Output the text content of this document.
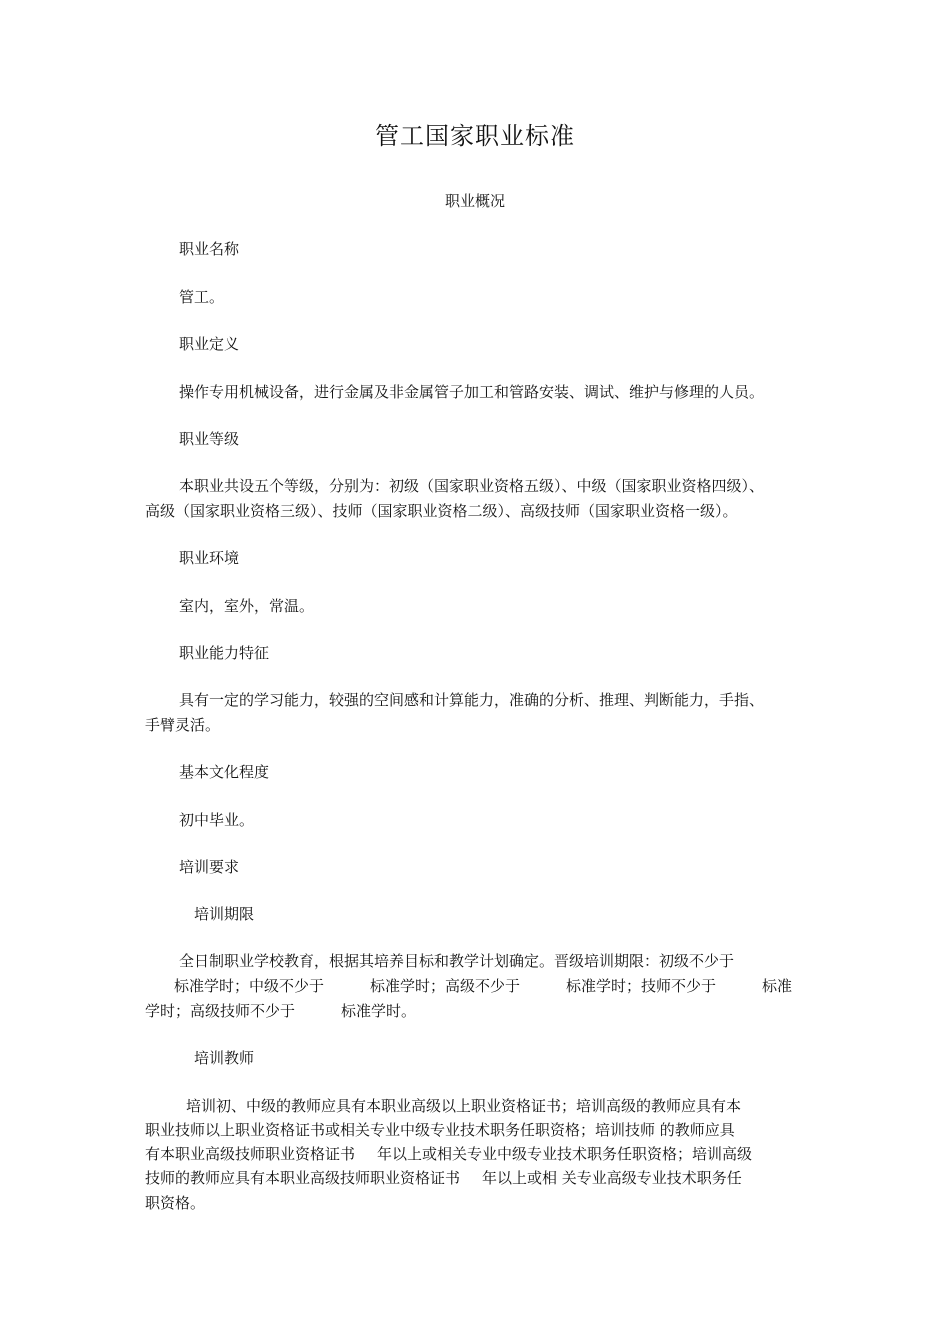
管工国家职业标准
职业概况
职业名称
管工。
职业定义
操作专用机械设备，进行金属及非金属管子加工和管路安装、调试、维护与修理的人员。
职业等级
本职业共设五个等级，分别为：初级（国家职业资格五级）、中级（国家职业资格四级）、
高级（国家职业资格三级）、技师（国家职业资格二级）、高级技师（国家职业资格一级）。
职业环境
室内，室外，常温。
职业能力特征
具有一定的学习能力，较强的空间感和计算能力，准确的分析、推理、判断能力，手指、
手臂灵活。
基本文化程度
初中毕业。
培训要求
培训期限
全日制职业学校教育，根据其培养目标和教学计划确定。晋级培训期限：初级不少于
标准学时；中级不少于	标准学时；高级不少于	标准学时；技师不少于	标准
学时；高级技师不少于	标准学时。
培训教师
培训初、中级的教师应具有本职业高级以上职业资格证书；培训高级的教师应具有本
职业技师以上职业资格证书或相关专业中级专业技术职务任职资格；培训技师 的教师应具
有本职业高级技师职业资格证书 年以上或相关专业中级专业技术职务任职资格；培训高级
技师的教师应具有本职业高级技师职业资格证书 年以上或相 关专业高级专业技术职务任
职资格。
